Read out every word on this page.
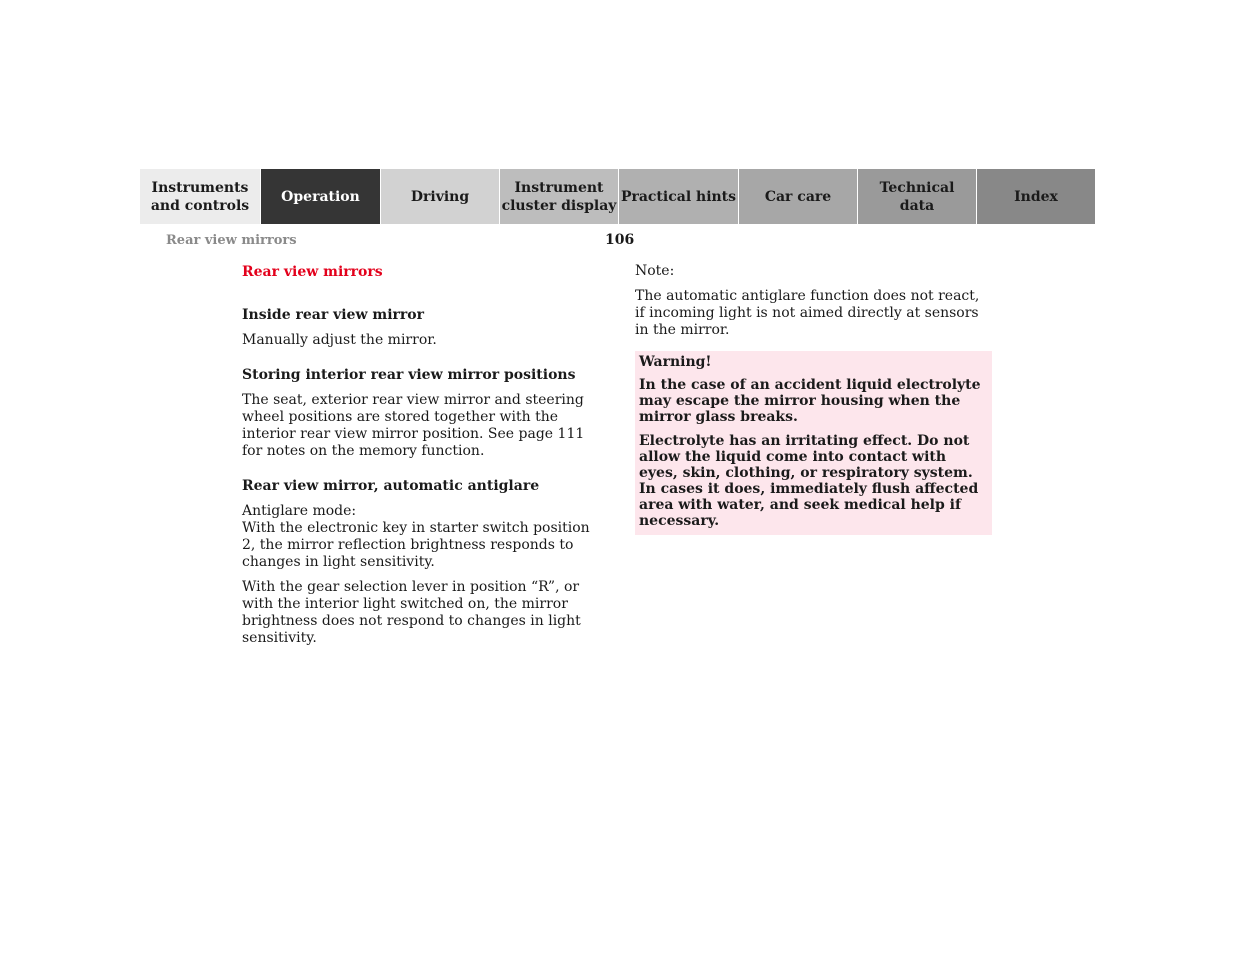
Instruments
and controls
Operation	Driving
Instrument
cluster display
Practical hints	Car care
Technical
data
Index
Rear view mirrors	106
Rear view mirrors
Inside rear view mirror
Manually adjust the mirror.
Storing interior rear view mirror positions
The seat, exterior rear view mirror and steering wheel positions are stored together with the interior rear view mirror position. See page 111 for notes on the memory function.
Rear view mirror, automatic antiglare
Antiglare mode:
With the electronic key in starter switch position 2, the mirror reflection brightness responds to changes in light sensitivity.
With the gear selection lever in position “R”, or with the interior light switched on, the mirror brightness does not respond to changes in light sensitivity.
Note:
The automatic antiglare function does not react, if incoming light is not aimed directly at sensors in the mirror.
Warning!
In the case of an accident liquid electrolyte may escape the mirror housing when the mirror glass breaks.
Electrolyte has an irritating effect. Do not allow the liquid come into contact with eyes, skin, clothing, or respiratory system. In cases it does, immediately flush affected area with water, and seek medical help if necessary.
